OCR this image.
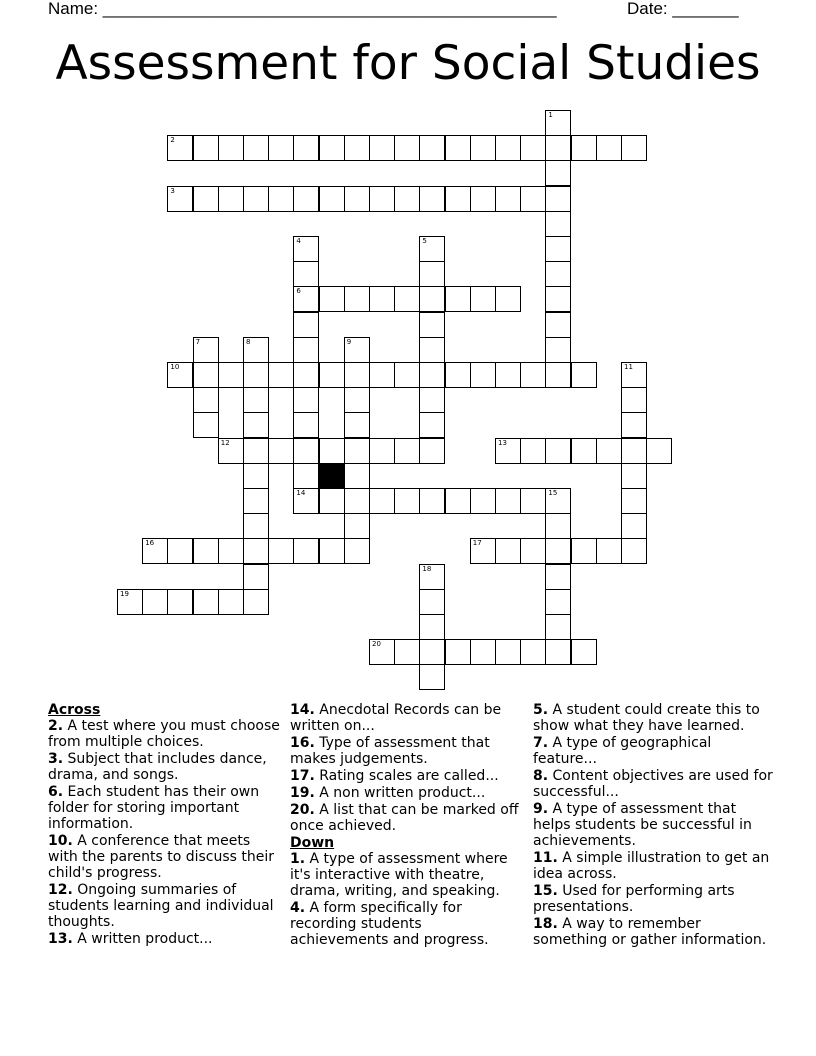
Name: ________________________________________________	Date: _______
Assessment for Social Studies
1
2
3
4
6
14
5
7	8	9
10	11
12	13
15
16	17
18
19
20
Across
2. A test where you must choose from multiple choices.
3. Subject that includes dance, drama, and songs.
6. Each student has their own folder for storing important information.
10. A conference that meets with the parents to discuss their child's progress.
12. Ongoing summaries of students learning and individual thoughts.
13. A written product...
14. Anecdotal Records can be written on...
16. Type of assessment that makes judgements.
17. Rating scales are called...
19. A non written product...
20. A list that can be marked off once achieved.
Down
1. A type of assessment where it's interactive with theatre, drama, writing, and speaking.
4. A form specifically for recording students achievements and progress.
5. A student could create this to show what they have learned.
7. A type of geographical feature...
8. Content objectives are used for successful...
9. A type of assessment that helps students be successful in achievements.
11. A simple illustration to get an idea across.
15. Used for performing arts presentations.
18. A way to remember something or gather information.
